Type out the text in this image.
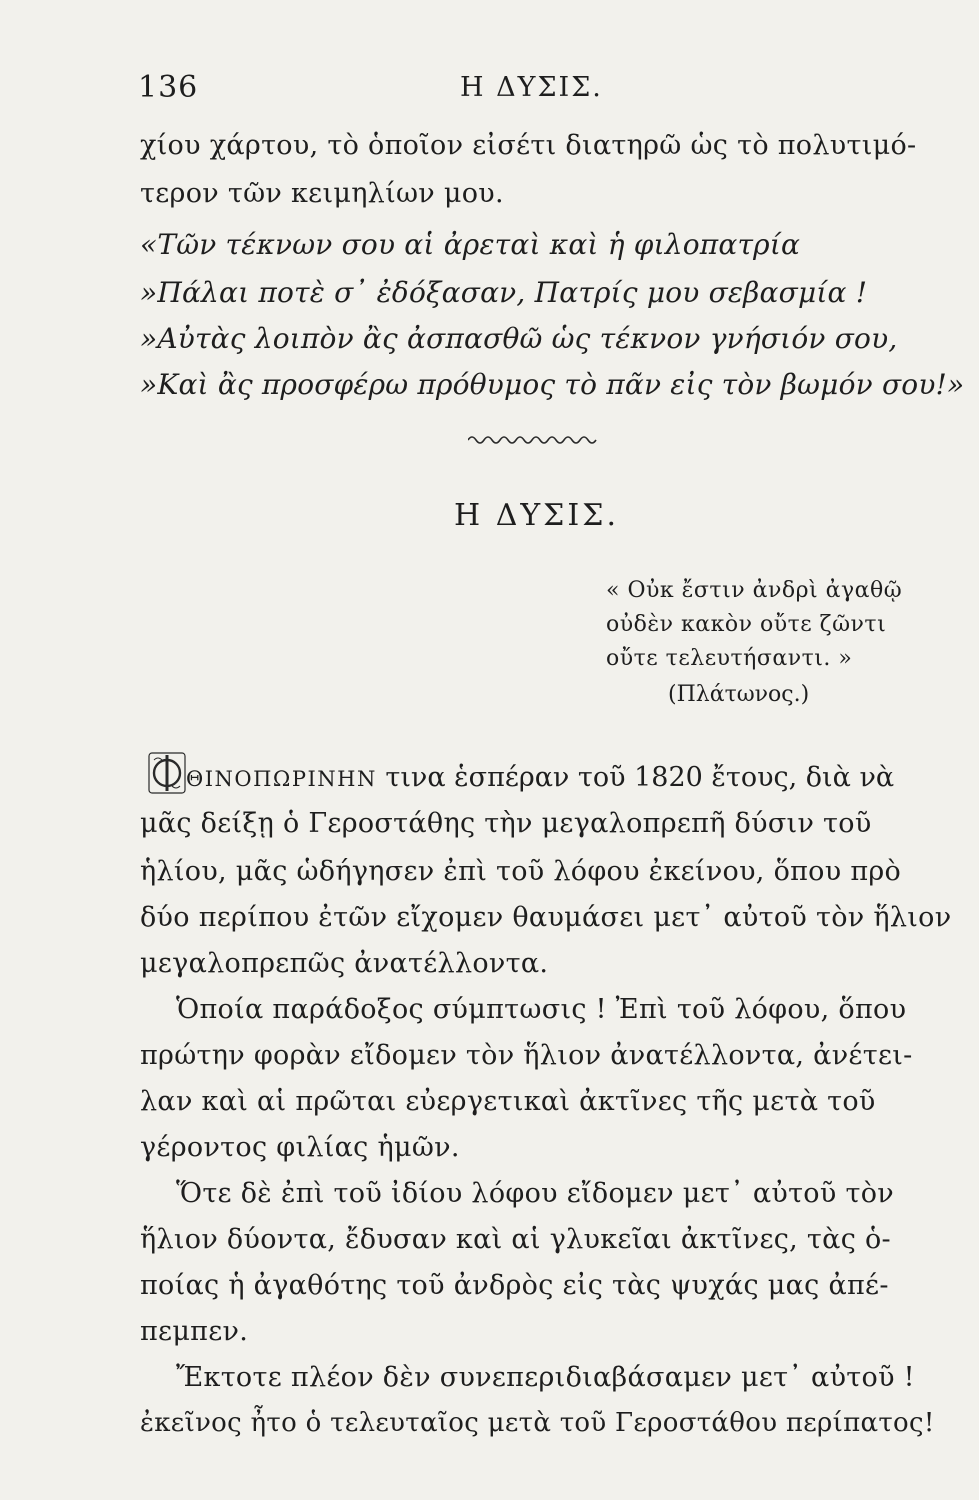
136	Η ΔΥΣΙΣ.
χίου χάρτου, τὸ ὁποῖον εἰσέτι διατηρῶ ὡς τὸ πολυτιμό-
τερον τῶν κειμηλίων μου.
«Τῶν τέκνων σου αἱ ἀρεταὶ καὶ ἡ φιλοπατρία
»Πάλαι ποτὲ σ᾽ ἐδόξασαν, Πατρίς μου σεβασμία !
»Αὐτὰς λοιπὸν ἂς ἀσπασθῶ ὡς τέκνον γνήσιόν σου,
»Καὶ ἂς προσφέρω πρόθυμος τὸ πᾶν εἰς τὸν βωμόν σου!»
Η ΔΥΣΙΣ.
« Οὐκ ἔστιν ἀνδρὶ ἀγαθῷ
οὐδὲν κακὸν οὔτε ζῶντι
οὔτε τελευτήσαντι. »
(Πλάτωνος.)
ΘΙΝΟΠΩΡΙΝΗΝ τινα ἑσπέραν τοῦ 1820 ἔτους, διὰ νὰ
μᾶς δείξῃ ὁ Γεροστάθης τὴν μεγαλοπρεπῆ δύσιν τοῦ
ἡλίου, μᾶς ὡδήγησεν ἐπὶ τοῦ λόφου ἐκείνου, ὅπου πρὸ
δύο περίπου ἐτῶν εἴχομεν θαυμάσει μετ᾽ αὐτοῦ τὸν ἥλιον
μεγαλοπρεπῶς ἀνατέλλοντα.
Ὁποία παράδοξος σύμπτωσις ! Ἐπὶ τοῦ λόφου, ὅπου
πρώτην φορὰν εἴδομεν τὸν ἥλιον ἀνατέλλοντα, ἀνέτει-
λαν καὶ αἱ πρῶται εὐεργετικαὶ ἀκτῖνες τῆς μετὰ τοῦ
γέροντος φιλίας ἡμῶν.
Ὅτε δὲ ἐπὶ τοῦ ἰδίου λόφου εἴδομεν μετ᾽ αὐτοῦ τὸν
ἥλιον δύοντα, ἔδυσαν καὶ αἱ γλυκεῖαι ἀκτῖνες, τὰς ὁ-
ποίας ἡ ἀγαθότης τοῦ ἀνδρὸς εἰς τὰς ψυχάς μας ἀπέ-
πεμπεν.
Ἔκτοτε πλέον δὲν συνεπεριδιαβάσαμεν μετ᾽ αὐτοῦ !
ἐκεῖνος ἦτο ὁ τελευταῖος μετὰ τοῦ Γεροστάθου περίπατος!
